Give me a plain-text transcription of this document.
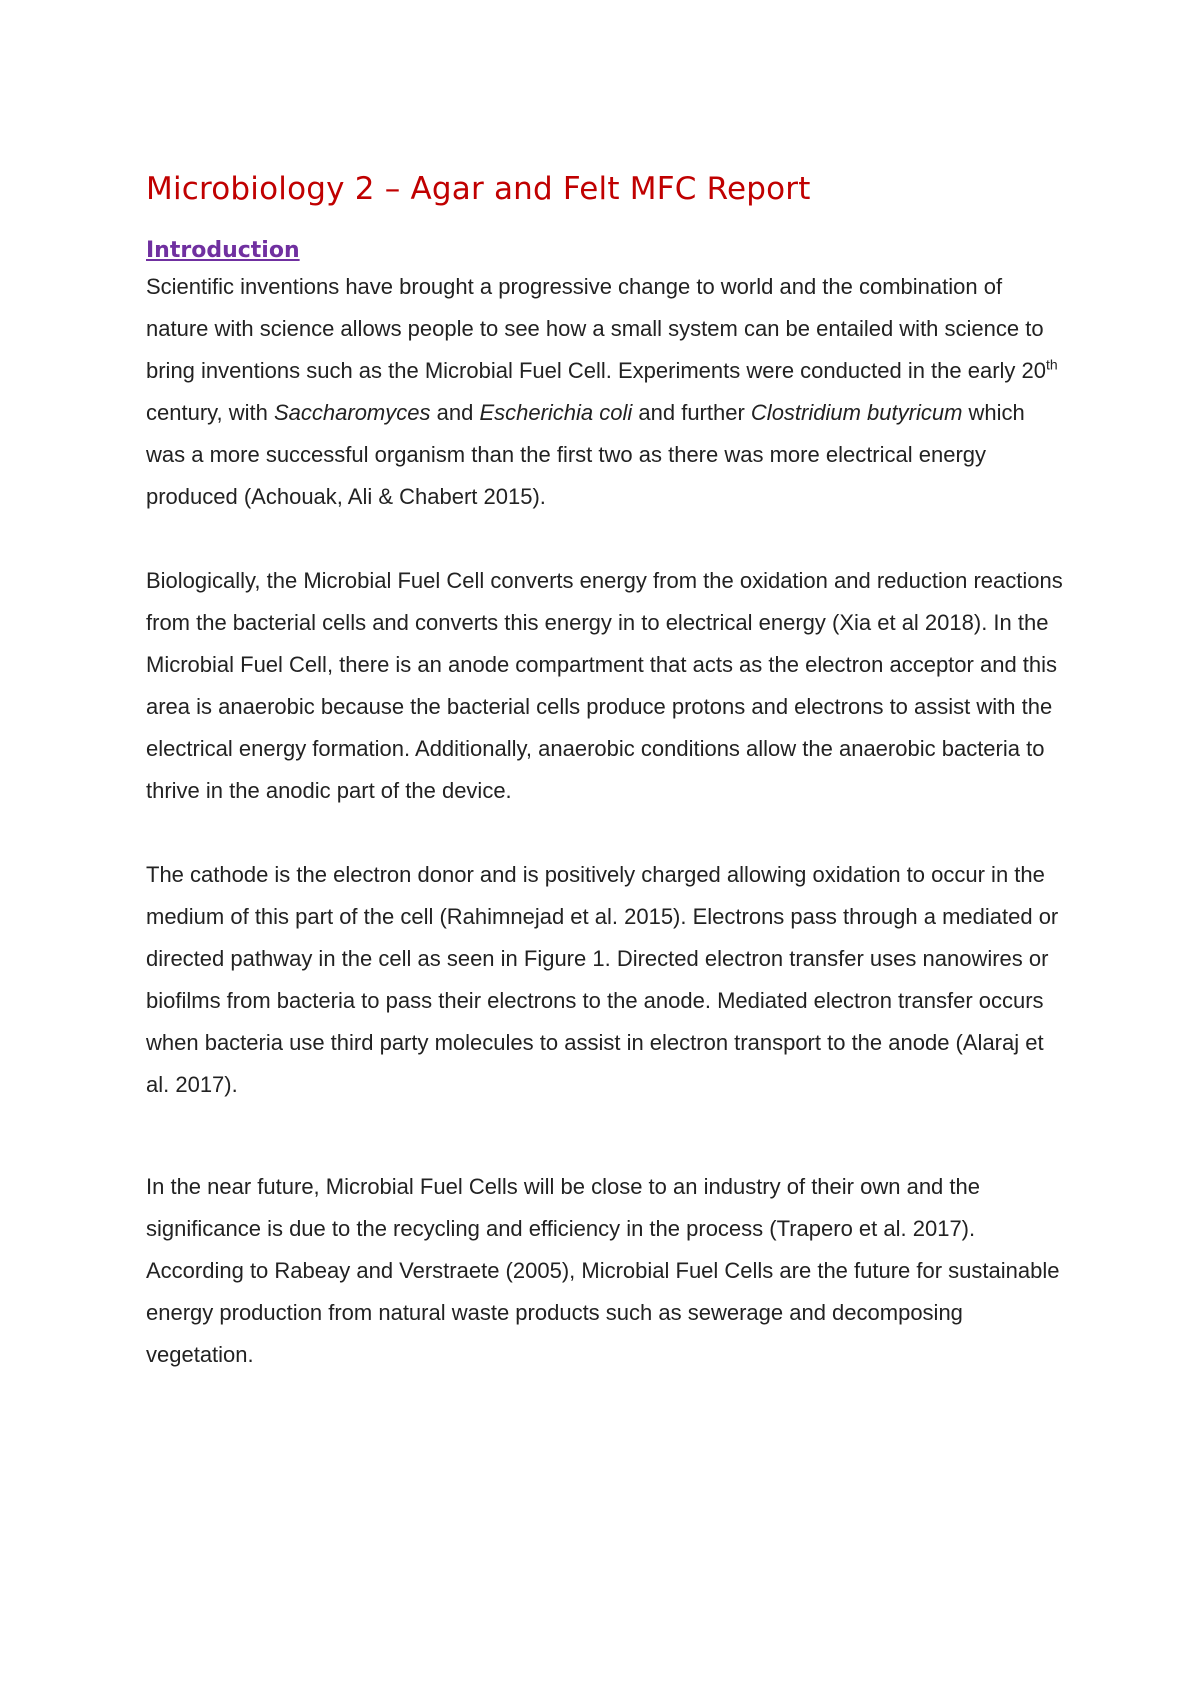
Microbiology 2 – Agar and Felt MFC Report
Introduction

Scientific inventions have brought a progressive change to world and the combination of nature with science allows people to see how a small system can be entailed with science to bring inventions such as the Microbial Fuel Cell. Experiments were conducted in the early 20th century, with Saccharomyces and Escherichia coli and further Clostridium butyricum which was a more successful organism than the first two as there was more electrical energy produced (Achouak, Ali & Chabert 2015).

Biologically, the Microbial Fuel Cell converts energy from the oxidation and reduction reactions from the bacterial cells and converts this energy in to electrical energy (Xia et al 2018). In the Microbial Fuel Cell, there is an anode compartment that acts as the electron acceptor and this area is anaerobic because the bacterial cells produce protons and electrons to assist with the electrical energy formation. Additionally, anaerobic conditions allow the anaerobic bacteria to thrive in the anodic part of the device.

The cathode is the electron donor and is positively charged allowing oxidation to occur in the medium of this part of the cell (Rahimnejad et al. 2015). Electrons pass through a mediated or directed pathway in the cell as seen in Figure 1. Directed electron transfer uses nanowires or biofilms from bacteria to pass their electrons to the anode. Mediated electron transfer occurs when bacteria use third party molecules to assist in electron transport to the anode (Alaraj et al. 2017).

In the near future, Microbial Fuel Cells will be close to an industry of their own and the significance is due to the recycling and efficiency in the process (Trapero et al. 2017). According to Rabeay and Verstraete (2005), Microbial Fuel Cells are the future for sustainable energy production from natural waste products such as sewerage and decomposing vegetation.
